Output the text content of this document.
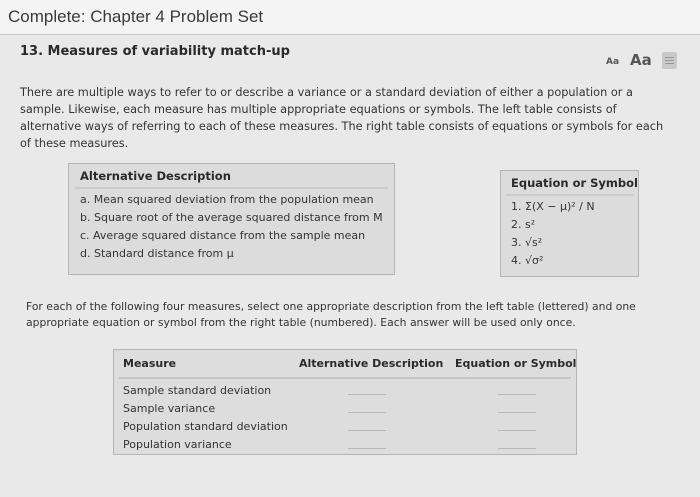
Complete: Chapter 4 Problem Set
13. Measures of variability match-up
Aa Aa
There are multiple ways to refer to or describe a variance or a standard deviation of either a population or a sample. Likewise, each measure has multiple appropriate equations or symbols. The left table consists of alternative ways of referring to each of these measures. The right table consists of equations or symbols for each of these measures.
Alternative Description
a. Mean squared deviation from the population mean
b. Square root of the average squared distance from M
c. Average squared distance from the sample mean
d. Standard distance from μ
Equation or Symbol
1. Σ(X − μ)² / N
2. s²
3. √s²
4. √σ²
For each of the following four measures, select one appropriate description from the left table (lettered) and one appropriate equation or symbol from the right table (numbered). Each answer will be used only once.
Measure	Alternative Description Equation or Symbol
Sample standard deviation
Sample variance
Population standard deviation
Population variance
